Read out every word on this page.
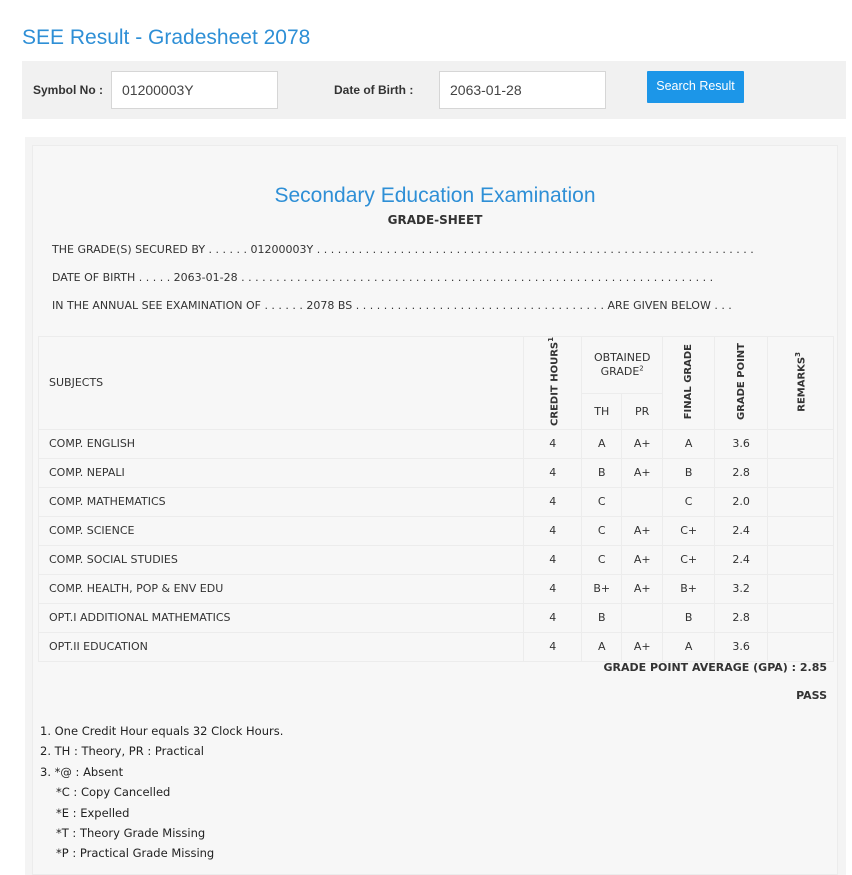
SEE Result - Gradesheet 2078
Symbol No :	01200003Y	Date of Birth :	2063-01-28	Search Result
Secondary Education Examination
GRADE-SHEET
THE GRADE(S) SECURED BY . . . . . . 01200003Y . . . . . . . . . . . . . . . . . . . . . . . . . . . . . . . . . . . . . . . . . . . . . . . . . . . . . . . . . . . . . . .
DATE OF BIRTH . . . . . 2063-01-28 . . . . . . . . . . . . . . . . . . . . . . . . . . . . . . . . . . . . . . . . . . . . . . . . . . . . . . . . . . . . . . . . . . . .
IN THE ANNUAL SEE EXAMINATION OF . . . . . . 2078 BS . . . . . . . . . . . . . . . . . . . . . . . . . . . . . . . . . . . . ARE GIVEN BELOW . . .
SUBJECTS	CREDIT HOURS$^1$	OBTAINED GRADE$^2$		FINAL GRADE	GRADE POINT	REMARKS$^3$
		TH	PR			
COMP. ENGLISH	4	A	A+	A	3.6	
COMP. NEPALI	4	B	A+	B	2.8	
COMP. MATHEMATICS	4	C		C	2.0	
COMP. SCIENCE	4	C	A+	C+	2.4	
COMP. SOCIAL STUDIES	4	C	A+	C+	2.4	
COMP. HEALTH, POP & ENV EDU	4	B+	A+	B+	3.2	
OPT.I ADDITIONAL MATHEMATICS	4	B		B	2.8	
OPT.II EDUCATION	4	A	A+	A	3.6	
GRADE POINT AVERAGE (GPA) : 2.85
PASS
1. One Credit Hour equals 32 Clock Hours.
2. TH : Theory, PR : Practical
3. *@ : Absent
*C : Copy Cancelled
*E : Expelled
*T : Theory Grade Missing
*P : Practical Grade Missing
